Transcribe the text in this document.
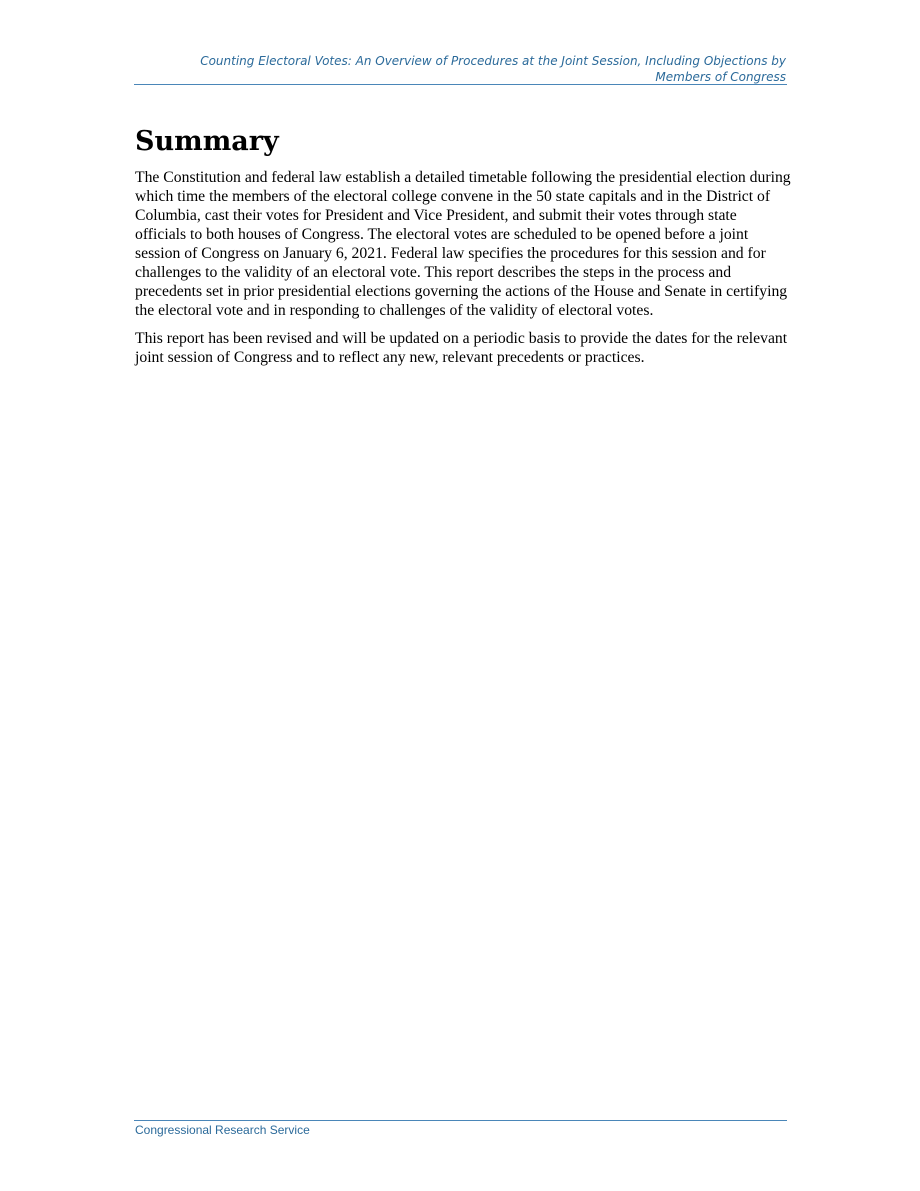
Counting Electoral Votes: An Overview of Procedures at the Joint Session, Including Objections by
Members of Congress
Summary

The Constitution and federal law establish a detailed timetable following the presidential election during which time the members of the electoral college convene in the 50 state capitals and in the District of Columbia, cast their votes for President and Vice President, and submit their votes through state officials to both houses of Congress. The electoral votes are scheduled to be opened before a joint session of Congress on January 6, 2021. Federal law specifies the procedures for this session and for challenges to the validity of an electoral vote. This report describes the steps in the process and precedents set in prior presidential elections governing the actions of the House and Senate in certifying the electoral vote and in responding to challenges of the validity of electoral votes.

This report has been revised and will be updated on a periodic basis to provide the dates for the relevant joint session of Congress and to reflect any new, relevant precedents or practices.

Congressional Research Service
